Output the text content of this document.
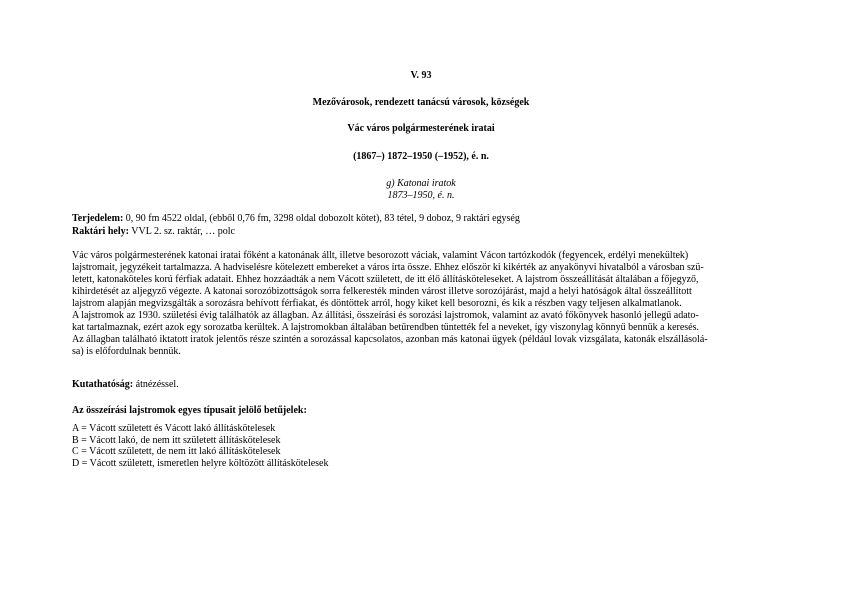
V. 93
Mezővárosok, rendezett tanácsú városok, községek
Vác város polgármesterének iratai
(1867–) 1872–1950 (–1952), é. n.
g) Katonai iratok
1873–1950, é. n.
Terjedelem: 0, 90 fm 4522 oldal, (ebből 0,76 fm, 3298 oldal dobozolt kötet), 83 tétel, 9 doboz, 9 raktári egység
Raktári hely: VVL 2. sz. raktár, … polc
Vác város polgármesterének katonai iratai főként a katonának állt, illetve besorozott váciak, valamint Vácon tartózkodók (fegyencek, erdélyi menekültek)
lajstromait, jegyzékeit tartalmazza. A hadviselésre kötelezett embereket a város írta össze. Ehhez először ki kikérték az anyakönyvi hivatalból a városban szü-
letett, katonaköteles korú férfiak adatait. Ehhez hozzáadták a nem Vácott született, de itt élő állításköteleseket. A lajstrom összeállítását általában a főjegyző,
kihirdetését az aljegyző végezte. A katonai sorozóbizottságok sorra felkeresték minden várost illetve sorozójárást, majd a helyi hatóságok által összeállított
lajstrom alapján megvizsgálták a sorozásra behívott férfiakat, és döntöttek arról, hogy kiket kell besorozni, és kik a részben vagy teljesen alkalmatlanok.
A lajstromok az 1930. születési évig találhatók az állagban. Az állítási, összeírási és sorozási lajstromok, valamint az avató főkönyvek hasonló jellegű adato-
kat tartalmaznak, ezért azok egy sorozatba kerültek. A lajstromokban általában betűrendben tüntették fel a neveket, így viszonylag könnyű bennük a keresés.
Az állagban található iktatott iratok jelentős része szintén a sorozással kapcsolatos, azonban más katonai ügyek (például lovak vizsgálata, katonák elszállásolá-
sa) is előfordulnak bennük.
Kutathatóság: átnézéssel.
Az összeírási lajstromok egyes típusait jelölő betűjelek:
A = Vácott született és Vácott lakó állításkötelesek
B = Vácott lakó, de nem itt született állításkötelesek
C = Vácott született, de nem itt lakó állításkötelesek
D = Vácott született, ismeretlen helyre költözött állításkötelesek
